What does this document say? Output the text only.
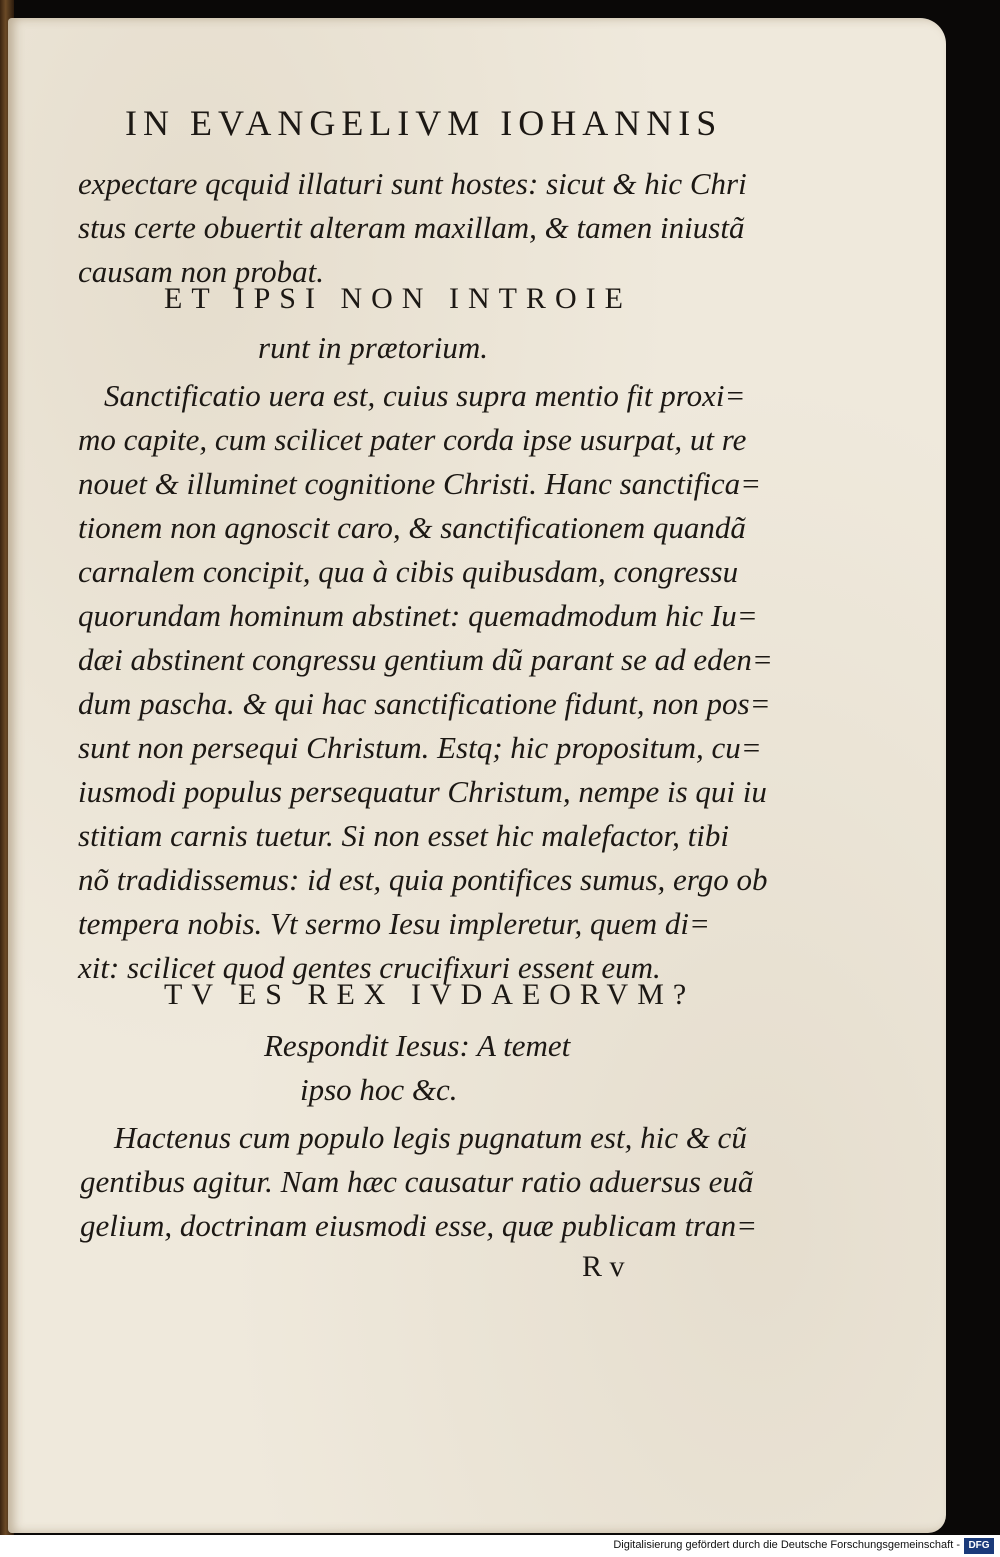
IN EVANGELIVM IOHANNIS
expectare qcquid illaturi sunt hostes: sicut & hic Chri
stus certe obuertit alteram maxillam, & tamen iniustã
causam non probat.
ET IPSI NON INTROIE
runt in prætorium.
Sanctificatio uera est, cuius supra mentio fit proxi=
mo capite, cum scilicet pater corda ipse usurpat, ut re
nouet & illuminet cognitione Christi. Hanc sanctifica=
tionem non agnoscit caro, & sanctificationem quandã
carnalem concipit, qua à cibis quibusdam, congressu
quorundam hominum abstinet: quemadmodum hic Iu=
dæi abstinent congressu gentium dũ parant se ad eden=
dum pascha. & qui hac sanctificatione fidunt, non pos=
sunt non persequi Christum. Estq; hic propositum, cu=
iusmodi populus persequatur Christum, nempe is qui iu
stitiam carnis tuetur. Si non esset hic malefactor, tibi
nõ tradidissemus: id est, quia pontifices sumus, ergo ob
tempera nobis. Vt sermo Iesu impleretur, quem di=
xit: scilicet quod gentes crucifixuri essent eum.
TV ES REX IVDAEORVM?
Respondit Iesus: A temet
ipso hoc &c.
Hactenus cum populo legis pugnatum est, hic & cũ
gentibus agitur. Nam hæc causatur ratio aduersus euã
gelium, doctrinam eiusmodi esse, quæ publicam tran=
R v
Digitalisierung gefördert durch die Deutsche Forschungsgemeinschaft - DFG
